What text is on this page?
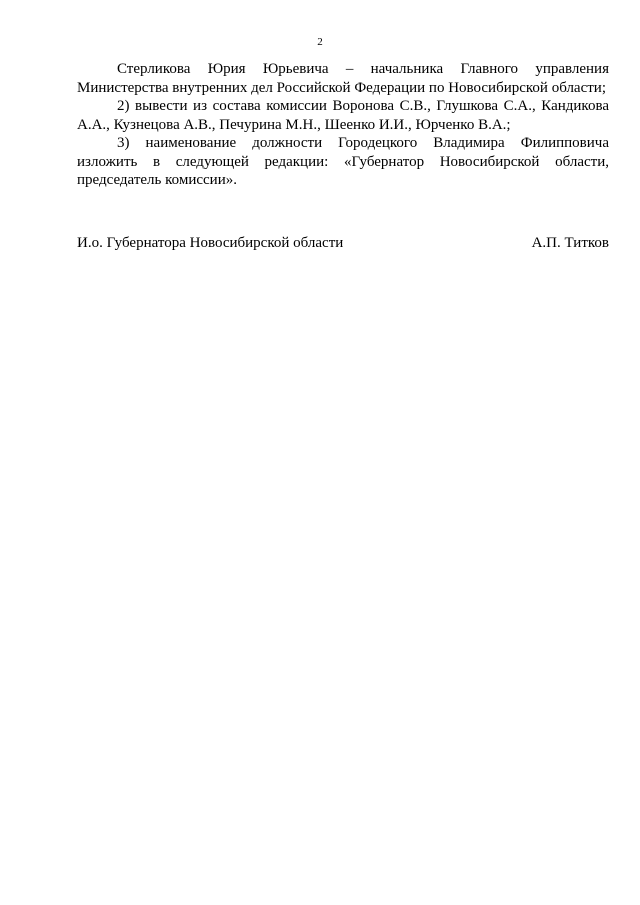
2

Стерликова Юрия Юрьевича – начальника Главного управления Министерства внутренних дел Российской Федерации по Новосибирской области;

2) вывести из состава комиссии Воронова С.В., Глушкова С.А., Кандикова А.А., Кузнецова А.В., Печурина М.Н., Шеенко И.И., Юрченко В.А.;

3) наименование должности Городецкого Владимира Филипповича изложить в следующей редакции: «Губернатор Новосибирской области, председатель комиссии».

И.о. Губернатора Новосибирской области	А.П. Титков
